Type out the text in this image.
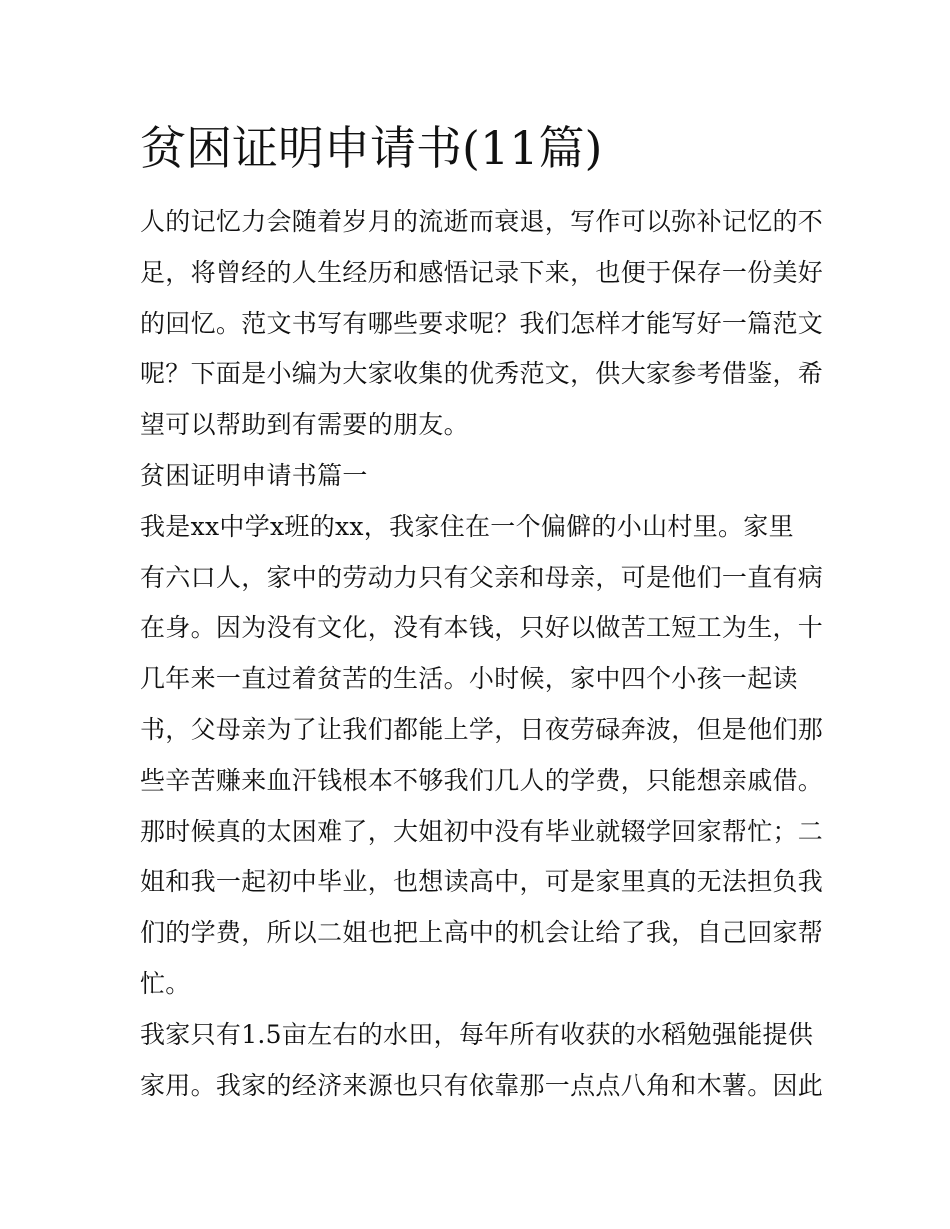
贫困证明申请书(11篇)
人的记忆力会随着岁月的流逝而衰退，写作可以弥补记忆的不
足，将曾经的人生经历和感悟记录下来，也便于保存一份美好
的回忆。范文书写有哪些要求呢？我们怎样才能写好一篇范文
呢？下面是小编为大家收集的优秀范文，供大家参考借鉴，希
望可以帮助到有需要的朋友。
贫困证明申请书篇一
我是xx中学x班的xx，我家住在一个偏僻的小山村里。家里
有六口人，家中的劳动力只有父亲和母亲，可是他们一直有病
在身。因为没有文化，没有本钱，只好以做苦工短工为生，十
几年来一直过着贫苦的生活。小时候，家中四个小孩一起读
书，父母亲为了让我们都能上学，日夜劳碌奔波，但是他们那
些辛苦赚来血汗钱根本不够我们几人的学费，只能想亲戚借。
那时候真的太困难了，大姐初中没有毕业就辍学回家帮忙；二
姐和我一起初中毕业，也想读高中，可是家里真的无法担负我
们的学费，所以二姐也把上高中的机会让给了我，自己回家帮
忙。
我家只有1.5亩左右的水田，每年所有收获的水稻勉强能提供
家用。我家的经济来源也只有依靠那一点点八角和木薯。因此
